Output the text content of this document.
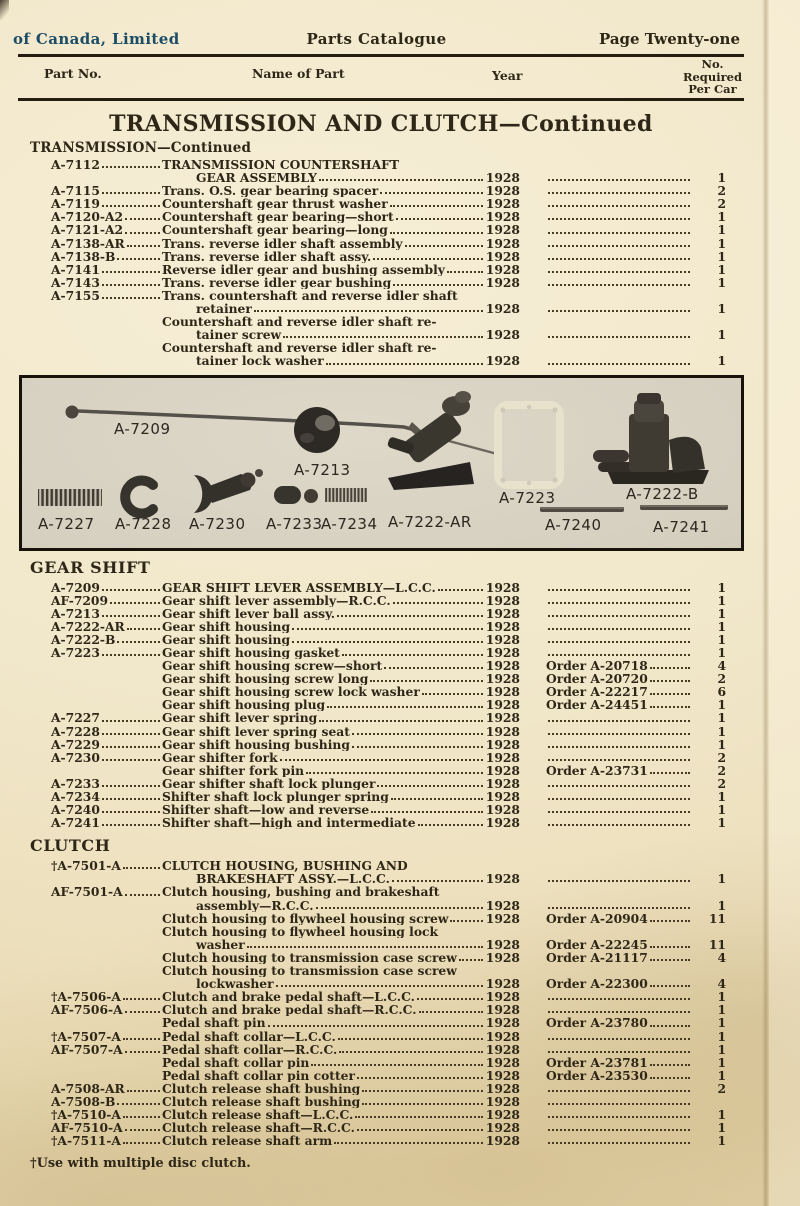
of Canada, Limited	Parts Catalogue	Page Twenty-one
Part No.	Name of Part	Year
No.
Required
Per Car
TRANSMISSION AND CLUTCH—Continued
TRANSMISSION—Continued
A-7112	TRANSMISSION COUNTERSHAFT
GEAR ASSEMBLY	1928	1
A-7115	Trans. O.S. gear bearing spacer	1928	2
A-7119	Countershaft gear thrust washer	1928	2
A-7120-A2	Countershaft gear bearing—short	1928	1
A-7121-A2	Countershaft gear bearing—long	1928	1
A-7138-AR	Trans. reverse idler shaft assembly	1928	1
A-7138-B	Trans. reverse idler shaft assy.	1928	1
A-7141	Reverse idler gear and bushing assembly	1928	1
A-7143	Trans. reverse idler gear bushing	1928	1
A-7155	Trans. countershaft and reverse idler shaft
retainer	1928	1
Countershaft and reverse idler shaft re-
tainer screw	1928	1
Countershaft and reverse idler shaft re-
tainer lock washer	1928	1
A-7209
A-7213
A-7227 A-7228 A-7230 A-7233
A-7234 A-7222-AR
A-7223
A-7240
A-7222-B
A-7241
GEAR SHIFT
A-7209	GEAR SHIFT LEVER ASSEMBLY—L.C.C.	1928	1
AF-7209	Gear shift lever assembly—R.C.C.	1928	1
A-7213	Gear shift lever ball assy.	1928	1
A-7222-AR	Gear shift housing	1928	1
A-7222-B	Gear shift housing	1928	1
A-7223	Gear shift housing gasket	1928	1
Gear shift housing screw—short	1928 Order A-20718	4
Gear shift housing screw long	1928 Order A-20720	2
Gear shift housing screw lock washer	1928 Order A-22217	6
Gear shift housing plug	1928 Order A-24451	1
A-7227	Gear shift lever spring	1928	1
A-7228	Gear shift lever spring seat	1928	1
A-7229	Gear shift housing bushing	1928	1
A-7230	Gear shifter fork	1928	2
Gear shifter fork pin	1928 Order A-23731	2
A-7233	Gear shifter shaft lock plunger	1928	2
A-7234	Shifter shaft lock plunger spring	1928	1
A-7240	Shifter shaft—low and reverse	1928	1
A-7241	Shifter shaft—high and intermediate	1928	1
CLUTCH
†A-7501-A	CLUTCH HOUSING, BUSHING AND
BRAKESHAFT ASSY.—L.C.C.	1928	1
AF-7501-A	Clutch housing, bushing and brakeshaft
assembly—R.C.C.	1928	1
Clutch housing to flywheel housing screw	1928 Order A-20904	11
Clutch housing to flywheel housing lock
washer	1928 Order A-22245	11
Clutch housing to transmission case screw 1928 Order A-21117	4
Clutch housing to transmission case screw
lockwasher	1928 Order A-22300	4
†A-7506-A	Clutch and brake pedal shaft—L.C.C.	1928	1
AF-7506-A	Clutch and brake pedal shaft—R.C.C.	1928	1
Pedal shaft pin	1928 Order A-23780	1
†A-7507-A	Pedal shaft collar—L.C.C.	1928	1
AF-7507-A	Pedal shaft collar—R.C.C.	1928	1
Pedal shaft collar pin	1928 Order A-23781	1
Pedal shaft collar pin cotter	1928 Order A-23530	1
A-7508-AR	Clutch release shaft bushing	1928	2
A-7508-B	Clutch release shaft bushing	1928
†A-7510-A	Clutch release shaft—L.C.C.	1928	1
AF-7510-A	Clutch release shaft—R.C.C.	1928	1
†A-7511-A	Clutch release shaft arm	1928	1
†Use with multiple disc clutch.
